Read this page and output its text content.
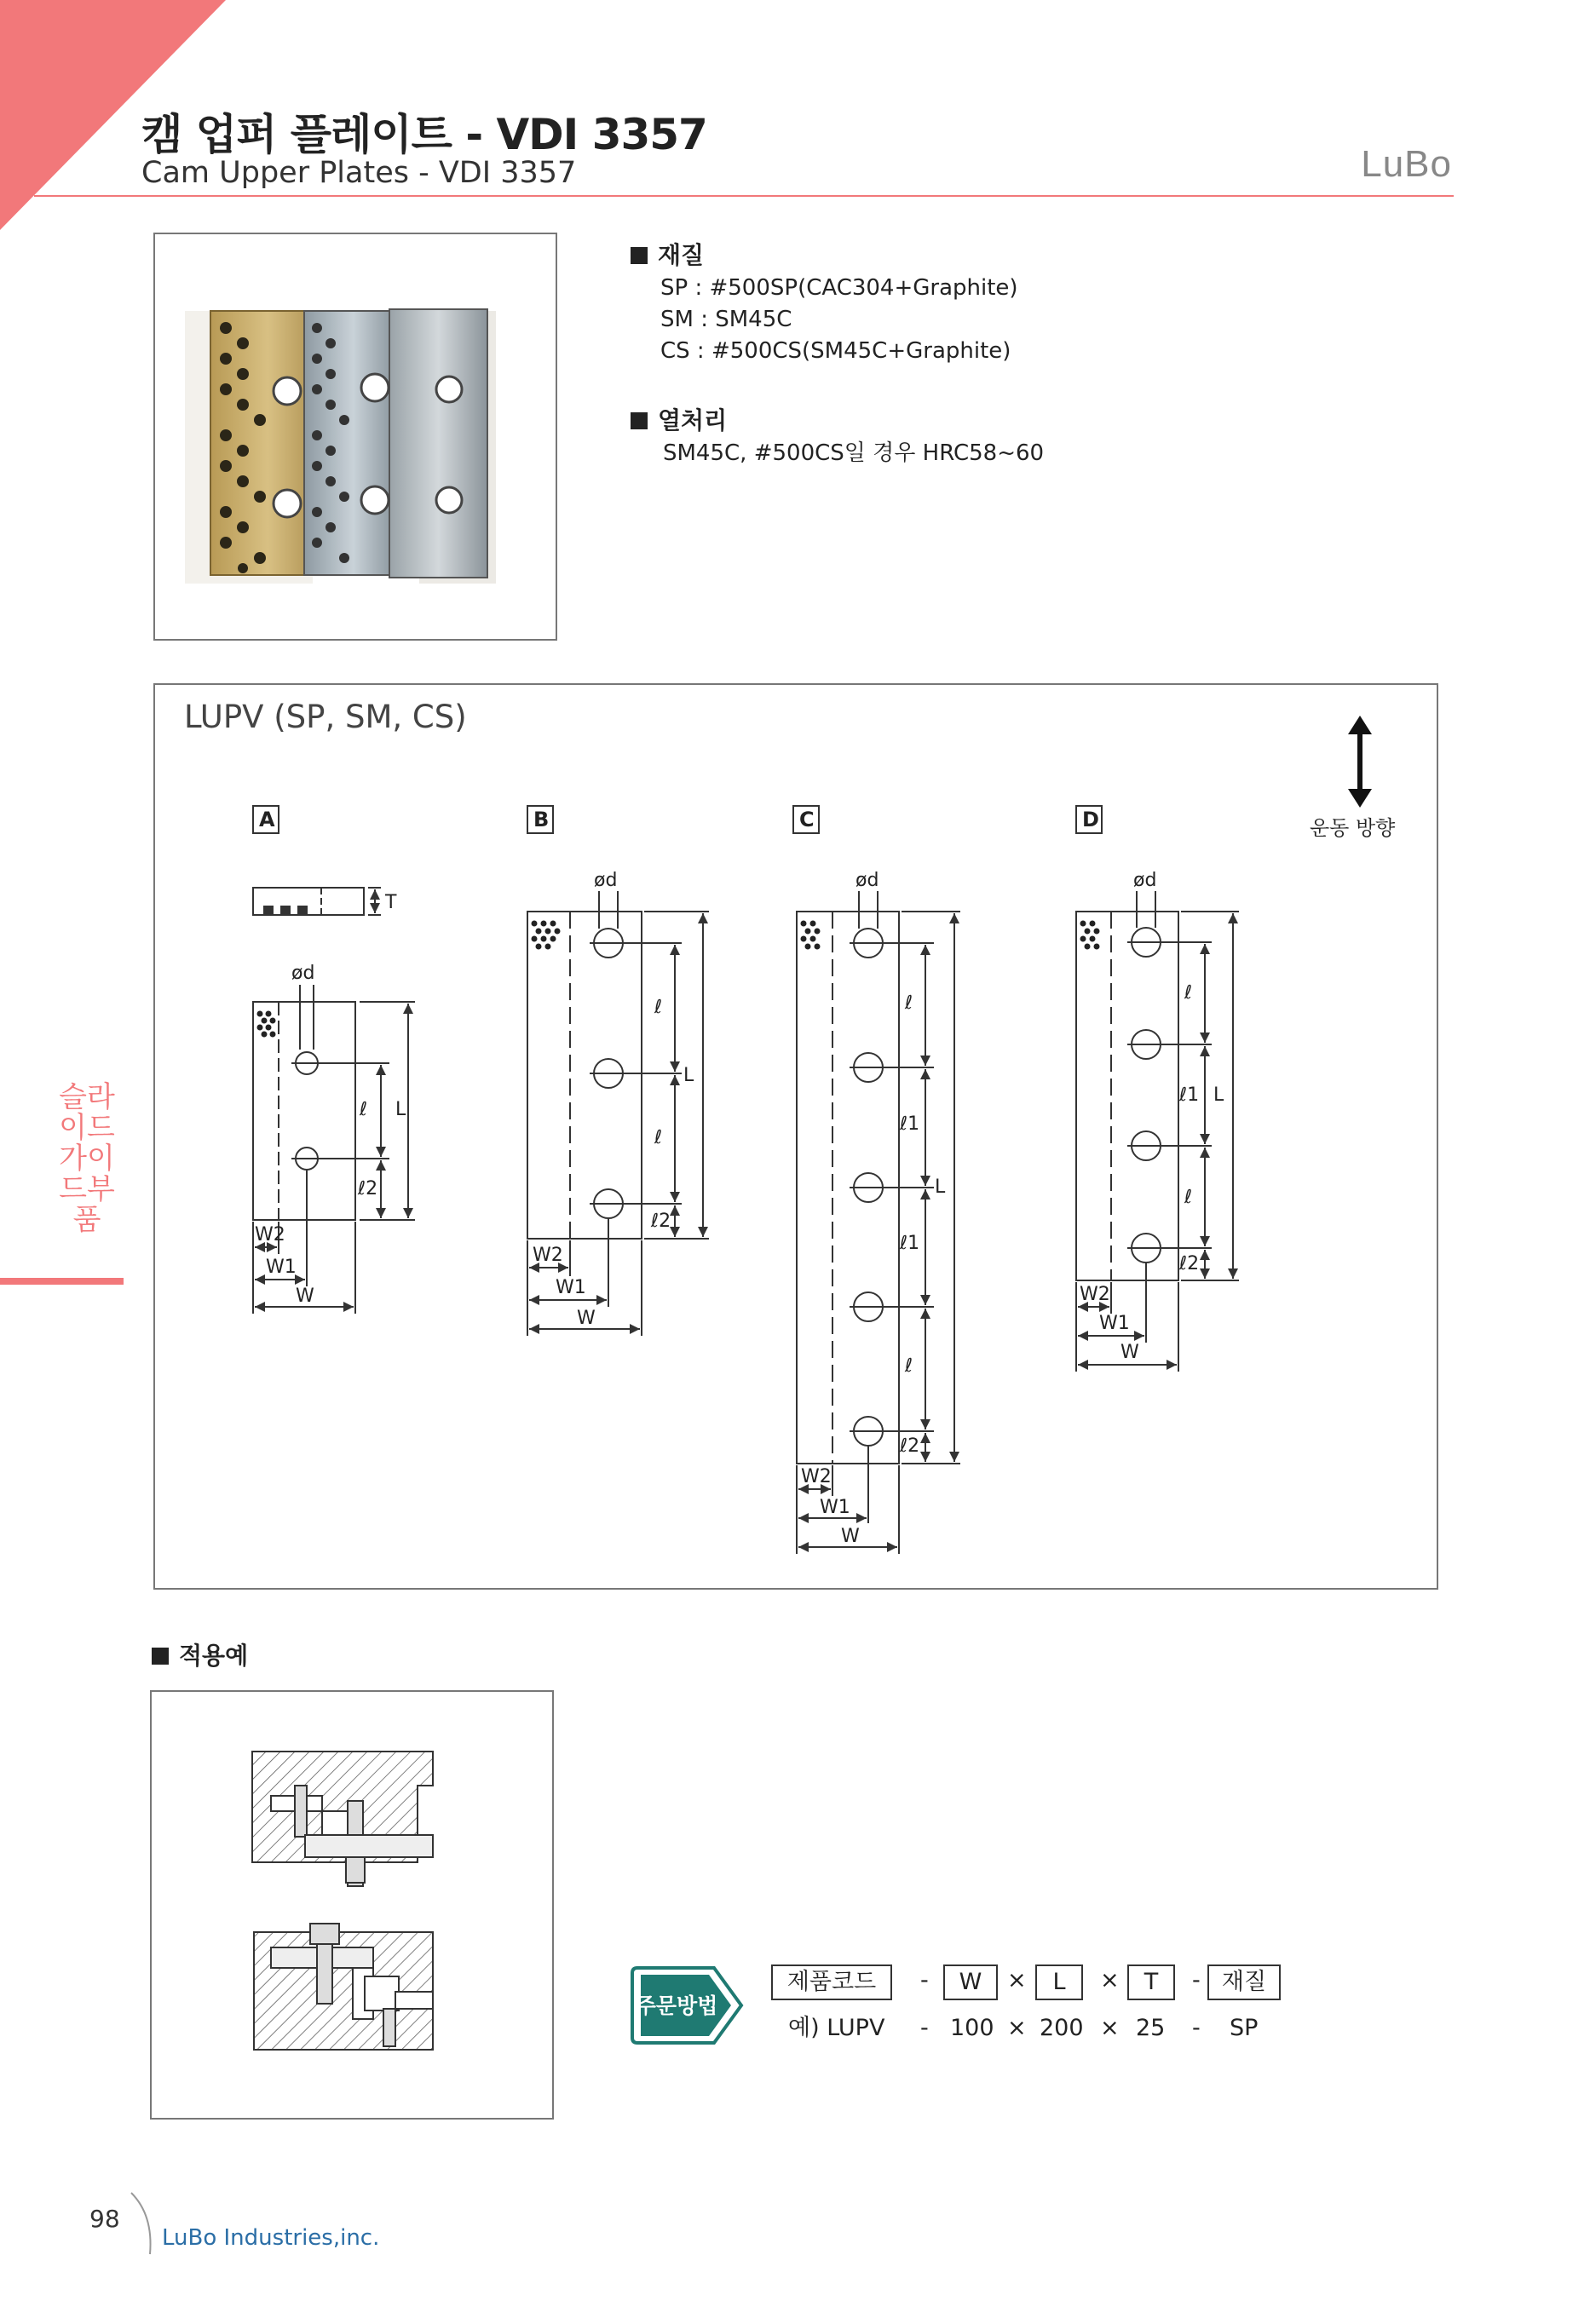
캠 업퍼 플레이트 - VDI 3357
Cam Upper Plates - VDI 3357	LuBo
재질
SP : #500SP(CAC304+Graphite)
SM : SM45C
CS : #500CS(SM45C+Graphite)
열처리
SM45C, #500CS일 경우 HRC58~60
LUPV (SP, SM, CS)
운동 방향
A	B	C	D
T
ød
ℓ
ℓ2
L
W2
W1
W
ød
ℓ
ℓ
ℓ2
L
W2
W1
W
ød
ℓ
ℓ1
ℓ1
ℓ
ℓ2
L
W2
W1
W
ød
ℓ
ℓ1
ℓ
ℓ2
L
W2
W1
W
슬라이드 가이드부품
적용예
주문방법
제품코드	-	W	×	L	×	T	- 재질
예) LUPV - 100 × 200 × 25 - SP
98
LuBo Industries,inc.
